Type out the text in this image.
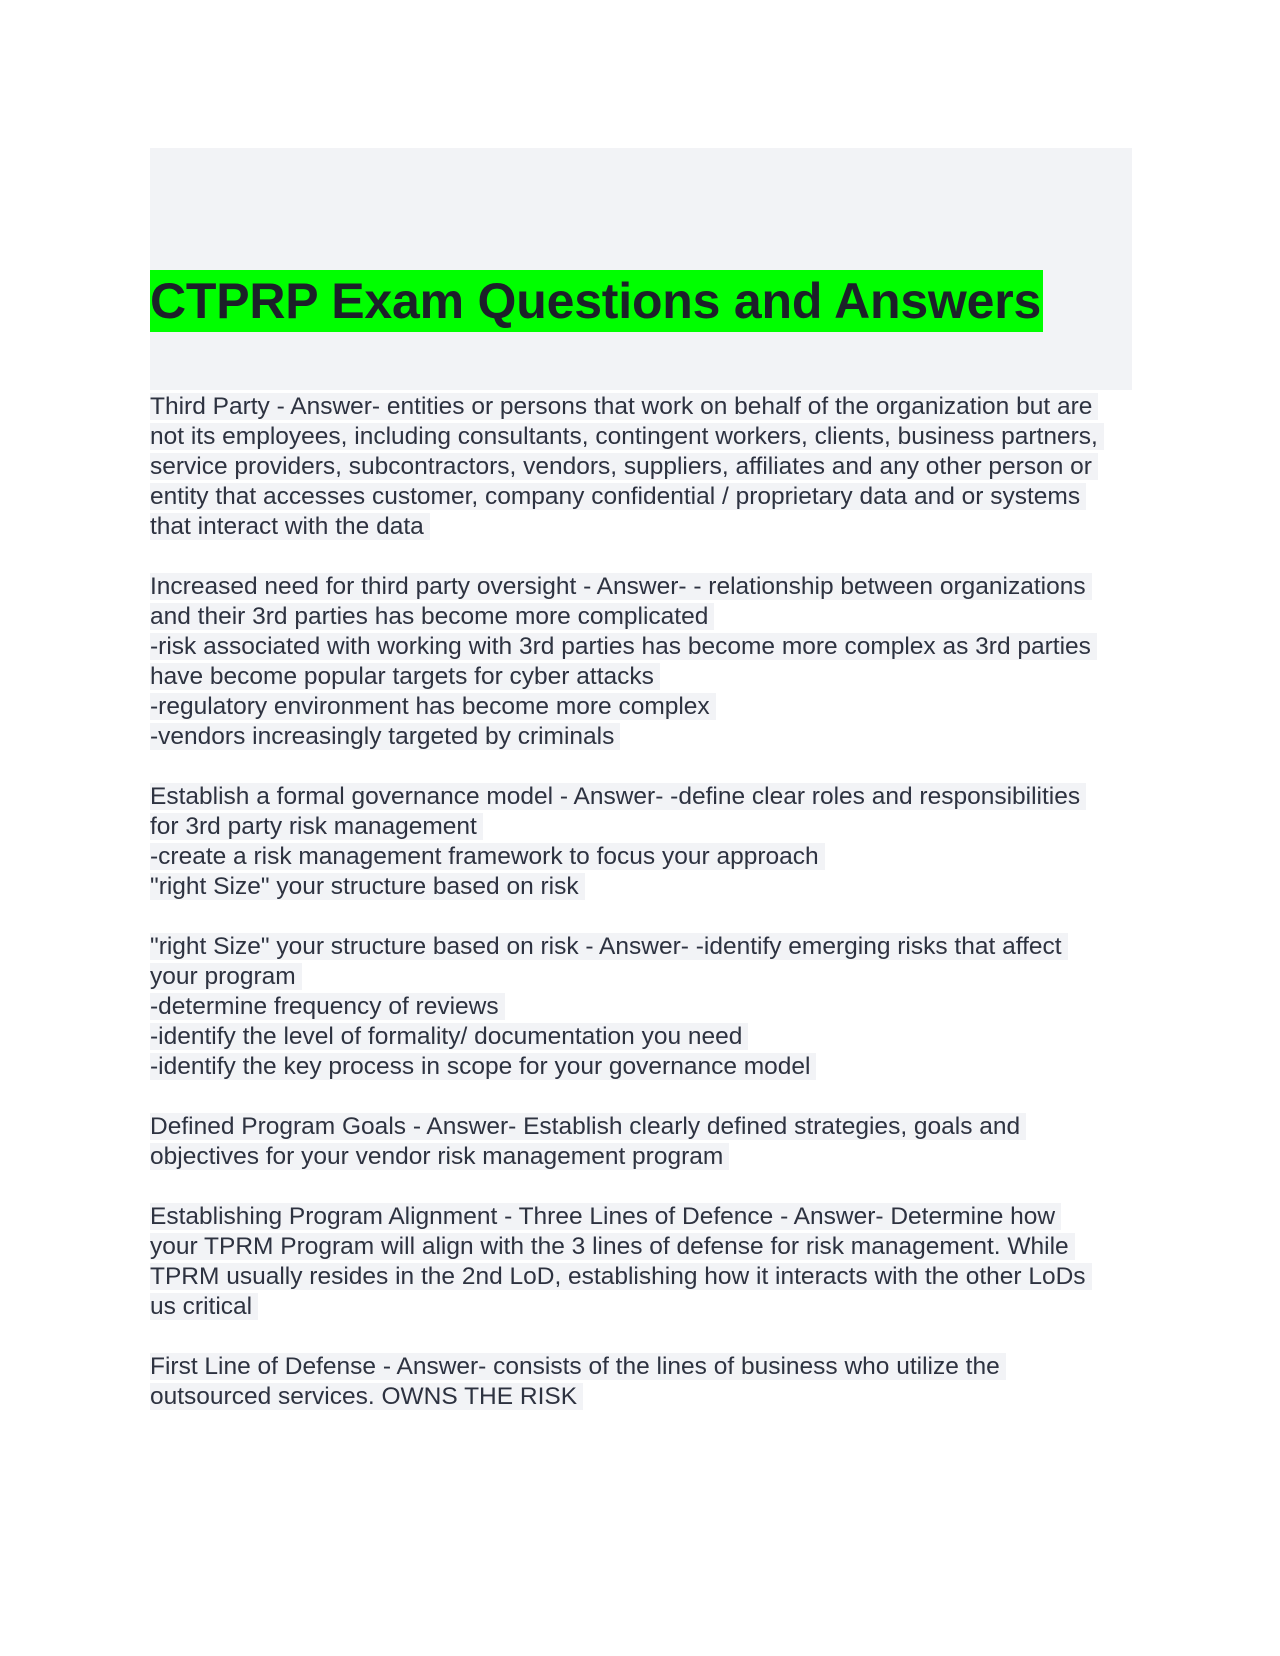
CTPRP Exam Questions and Answers
Third Party - Answer- entities or persons that work on behalf of the organization but are
not its employees, including consultants, contingent workers, clients, business partners,
service providers, subcontractors, vendors, suppliers, affiliates and any other person or
entity that accesses customer, company confidential / proprietary data and or systems
that interact with the data
Increased need for third party oversight - Answer- - relationship between organizations
and their 3rd parties has become more complicated
-risk associated with working with 3rd parties has become more complex as 3rd parties
have become popular targets for cyber attacks
-regulatory environment has become more complex
-vendors increasingly targeted by criminals
Establish a formal governance model - Answer- -define clear roles and responsibilities
for 3rd party risk management
-create a risk management framework to focus your approach
"right Size" your structure based on risk
"right Size" your structure based on risk - Answer- -identify emerging risks that affect
your program
-determine frequency of reviews
-identify the level of formality/ documentation you need
-identify the key process in scope for your governance model
Defined Program Goals - Answer- Establish clearly defined strategies, goals and
objectives for your vendor risk management program
Establishing Program Alignment - Three Lines of Defence - Answer- Determine how
your TPRM Program will align with the 3 lines of defense for risk management. While
TPRM usually resides in the 2nd LoD, establishing how it interacts with the other LoDs
us critical
First Line of Defense - Answer- consists of the lines of business who utilize the
outsourced services. OWNS THE RISK
